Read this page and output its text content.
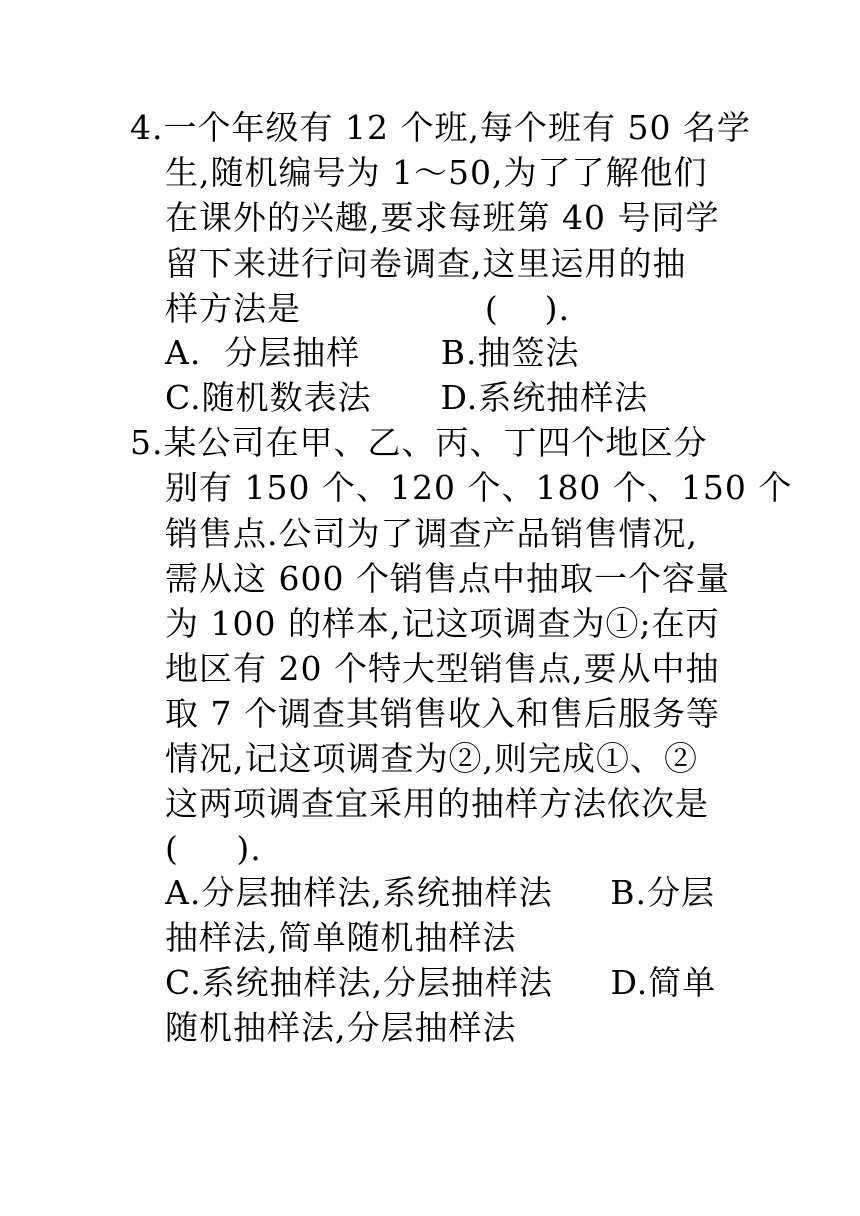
4.一个年级有 12 个班,每个班有 50 名学
生,随机编号为 1～50,为了了解他们
在课外的兴趣,要求每班第 40 号同学
留下来进行问卷调查,这里运用的抽
样方法是                (    ).
A.  分层抽样       B.抽签法
C.随机数表法      D.系统抽样法
5.某公司在甲、乙、丙、丁四个地区分
别有 150 个、120 个、180 个、150 个
销售点.公司为了调查产品销售情况,
需从这 600 个销售点中抽取一个容量
为 100 的样本,记这项调查为①;在丙
地区有 20 个特大型销售点,要从中抽
取 7 个调查其销售收入和售后服务等
情况,记这项调查为②,则完成①、②
这两项调查宜采用的抽样方法依次是
(     ).
A.分层抽样法,系统抽样法     B.分层
抽样法,简单随机抽样法
C.系统抽样法,分层抽样法     D.简单
随机抽样法,分层抽样法
